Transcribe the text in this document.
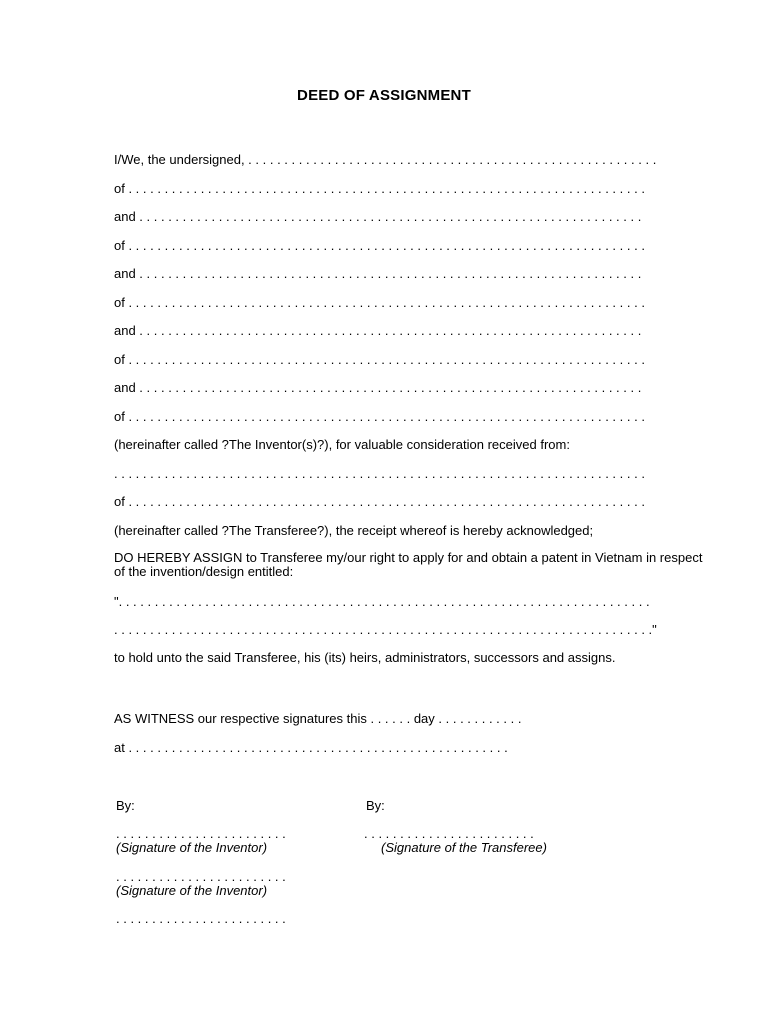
DEED OF ASSIGNMENT
I/We, the undersigned, . . . . . . . . . . . . . . . . . . . . . . . . . . . . . . . . . . . . . . . . . . . . . . . . . . . . . . . . .
of . . . . . . . . . . . . . . . . . . . . . . . . . . . . . . . . . . . . . . . . . . . . . . . . . . . . . . . . . . . . . . . . . . . . . . . .
and . . . . . . . . . . . . . . . . . . . . . . . . . . . . . . . . . . . . . . . . . . . . . . . . . . . . . . . . . . . . . . . . . . . . . .
of . . . . . . . . . . . . . . . . . . . . . . . . . . . . . . . . . . . . . . . . . . . . . . . . . . . . . . . . . . . . . . . . . . . . . . . .
and . . . . . . . . . . . . . . . . . . . . . . . . . . . . . . . . . . . . . . . . . . . . . . . . . . . . . . . . . . . . . . . . . . . . . .
of . . . . . . . . . . . . . . . . . . . . . . . . . . . . . . . . . . . . . . . . . . . . . . . . . . . . . . . . . . . . . . . . . . . . . . . .
and . . . . . . . . . . . . . . . . . . . . . . . . . . . . . . . . . . . . . . . . . . . . . . . . . . . . . . . . . . . . . . . . . . . . . .
of . . . . . . . . . . . . . . . . . . . . . . . . . . . . . . . . . . . . . . . . . . . . . . . . . . . . . . . . . . . . . . . . . . . . . . . .
and . . . . . . . . . . . . . . . . . . . . . . . . . . . . . . . . . . . . . . . . . . . . . . . . . . . . . . . . . . . . . . . . . . . . . .
of . . . . . . . . . . . . . . . . . . . . . . . . . . . . . . . . . . . . . . . . . . . . . . . . . . . . . . . . . . . . . . . . . . . . . . . .
(hereinafter called ?The Inventor(s)?), for valuable consideration received from:
. . . . . . . . . . . . . . . . . . . . . . . . . . . . . . . . . . . . . . . . . . . . . . . . . . . . . . . . . . . . . . . . . . . . . . . . . .
of . . . . . . . . . . . . . . . . . . . . . . . . . . . . . . . . . . . . . . . . . . . . . . . . . . . . . . . . . . . . . . . . . . . . . . . .
(hereinafter called ?The Transferee?), the receipt whereof is hereby acknowledged;
DO HEREBY ASSIGN to Transferee my/our right to apply for and obtain a patent in Vietnam in respect of the invention/design entitled:
". . . . . . . . . . . . . . . . . . . . . . . . . . . . . . . . . . . . . . . . . . . . . . . . . . . . . . . . . . . . . . . . . . . . . . . . . .
. . . . . . . . . . . . . . . . . . . . . . . . . . . . . . . . . . . . . . . . . . . . . . . . . . . . . . . . . . . . . . . . . . . . . . . . . . ."
to hold unto the said Transferee, his (its) heirs, administrators, successors and assigns.
AS WITNESS our respective signatures this . . . . . . day . . . . . . . . . . . .
at . . . . . . . . . . . . . . . . . . . . . . . . . . . . . . . . . . . . . . . . . . . . . . . . . . . . .
By:	By:
. . . . . . . . . . . . . . . . . . . . . . . .	. . . . . . . . . . . . . . . . . . . . . . . .
(Signature of the Inventor)	(Signature of the Transferee)
. . . . . . . . . . . . . . . . . . . . . . . .
(Signature of the Inventor)
. . . . . . . . . . . . . . . . . . . . . . . .
